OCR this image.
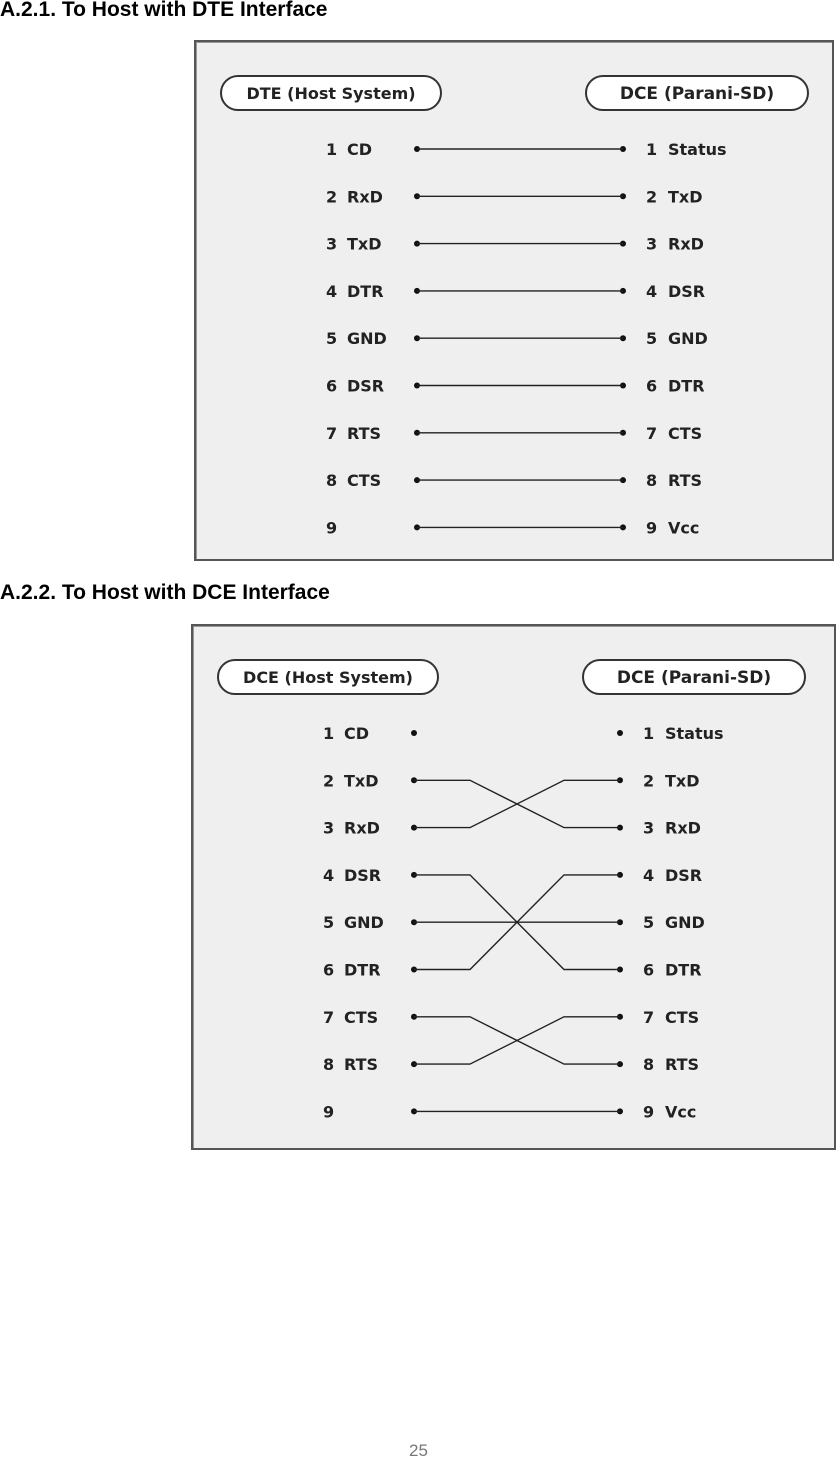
A.2.1. To Host with DTE Interface
DTE (Host System)	DCE (Parani-SD)
1 CD
2 RxD
3 TxD
4 DTR
5 GND
6 DSR
7 RTS
8 CTS
9
1 Status
2 TxD
3 RxD
4 DSR
5 GND
6 DTR
7 CTS
8 RTS
9 Vcc
A.2.2. To Host with DCE Interface
DCE (Host System)	DCE (Parani-SD)
1 CD
2 TxD
3 RxD
4 DSR
5 GND
6 DTR
7 CTS
8 RTS
9
1 Status
2 TxD
3 RxD
4 DSR
5 GND
6 DTR
7 CTS
8 RTS
9 Vcc
25
